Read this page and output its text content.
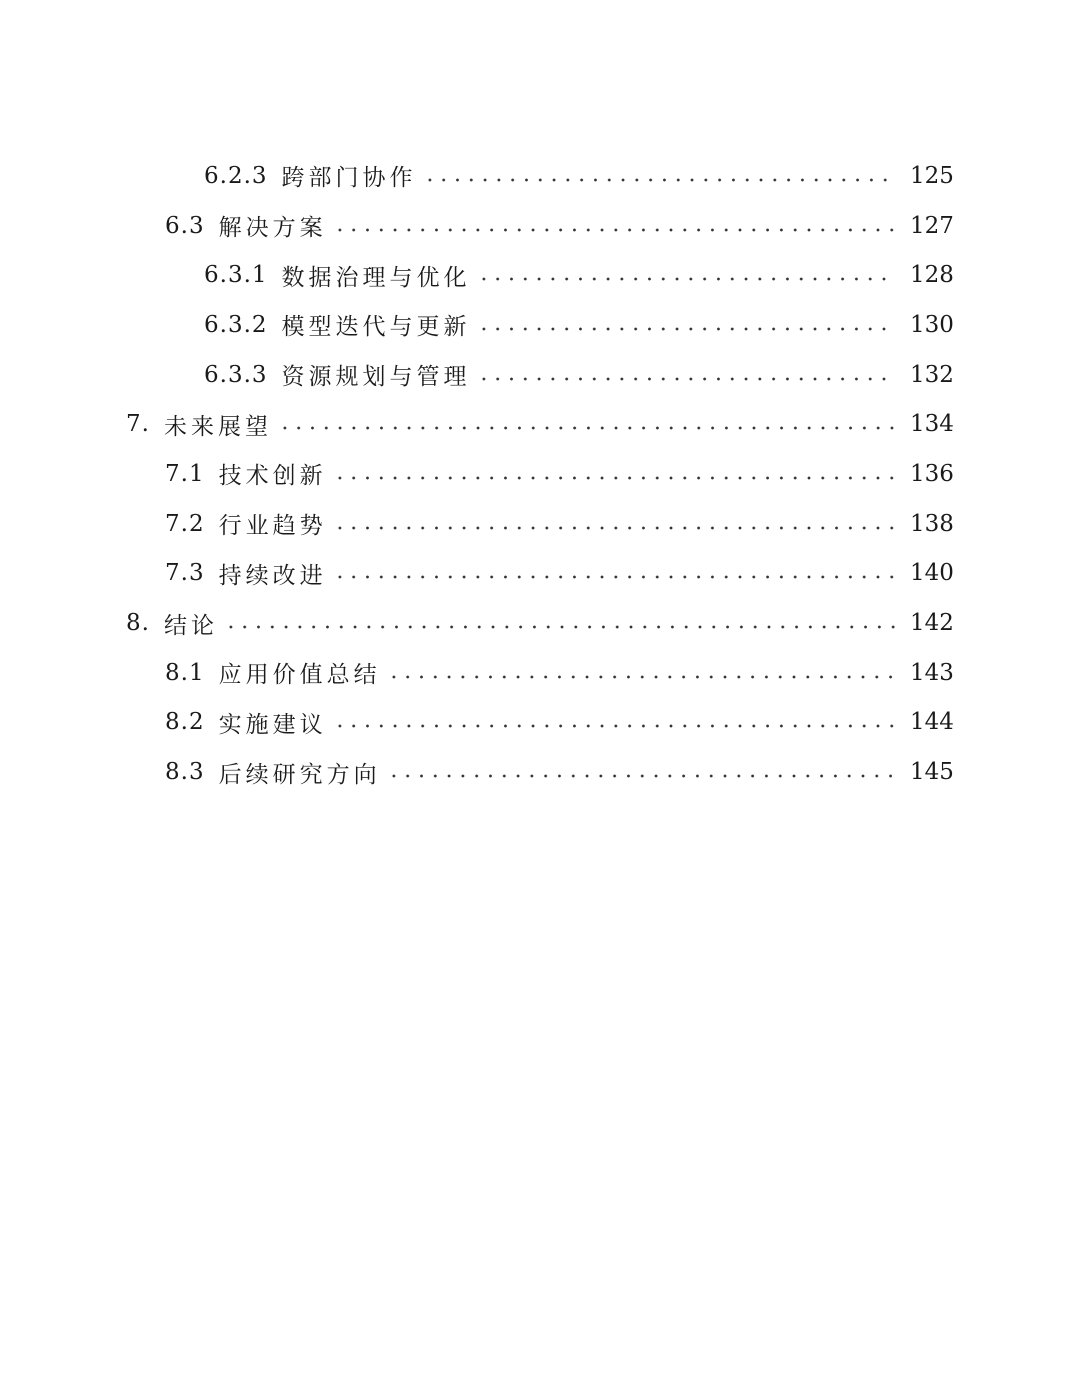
6.2.3 跨部门协作	125
6.3 解决方案	127
6.3.1 数据治理与优化	128
6.3.2 模型迭代与更新	130
6.3.3 资源规划与管理	132
7. 未来展望	134
7.1 技术创新	136
7.2 行业趋势	138
7.3 持续改进	140
8. 结论	142
8.1 应用价值总结	143
8.2 实施建议	144
8.3 后续研究方向	145
